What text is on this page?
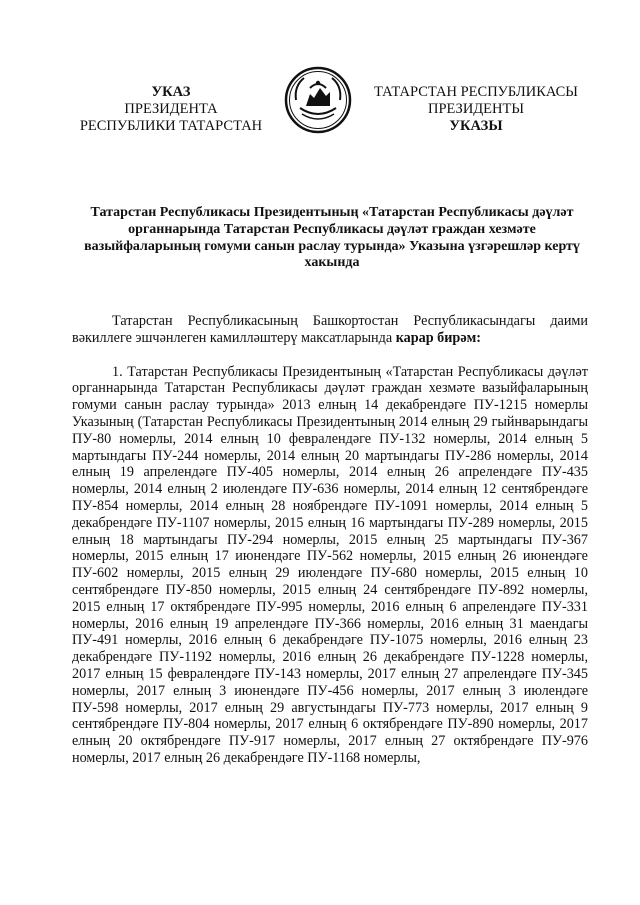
УКАЗ
ПРЕЗИДЕНТА
РЕСПУБЛИКИ ТАТАРСТАН
ТАТАРСТАН РЕСПУБЛИКАСЫ
ПРЕЗИДЕНТЫ
УКАЗЫ
Татарстан Республикасы Президентының «Татарстан Республикасы дәүләт органнарында Татарстан Республикасы дәүләт граждан хезмәте вазыйфаларының гомуми санын раслау турында» Указына үзгәрешләр кертү хакында

Татарстан Республикасының Башкортостан Республикасындагы даими вәкиллеге эшчәнлеген камилләштерү максатларында карар бирәм:

1. Татарстан Республикасы Президентының «Татарстан Республикасы дәүләт органнарында Татарстан Республикасы дәүләт граждан хезмәте вазыйфаларының гомуми санын раслау турында» 2013 елның 14 декабрендәге ПУ-1215 номерлы Указының (Татарстан Республикасы Президентының 2014 елның 29 гыйнварындагы ПУ-80 номерлы, 2014 елның 10 февралендәге ПУ-132 номерлы, 2014 елның 5 мартындагы ПУ-244 номерлы, 2014 елның 20 мартындагы ПУ-286 номерлы, 2014 елның 19 апрелендәге ПУ-405 номерлы, 2014 елның 26 апрелендәге ПУ-435 номерлы, 2014 елның 2 июлендәге ПУ-636 номерлы, 2014 елның 12 сентябрендәге ПУ-854 номерлы, 2014 елның 28 ноябрендәге ПУ-1091 номерлы, 2014 елның 5 декабрендәге ПУ-1107 номерлы, 2015 елның 16 мартындагы ПУ-289 номерлы, 2015 елның 18 мартындагы ПУ-294 номерлы, 2015 елның 25 мартындагы ПУ-367 номерлы, 2015 елның 17 июнендәге ПУ-562 номерлы, 2015 елның 26 июнендәге ПУ-602 номерлы, 2015 елның 29 июлендәге ПУ-680 номерлы, 2015 елның 10 сентябрендәге ПУ-850 номерлы, 2015 елның 24 сентябрендәге ПУ-892 номерлы, 2015 елның 17 октябрендәге ПУ-995 номерлы, 2016 елның 6 апрелендәге ПУ-331 номерлы, 2016 елның 19 апрелендәге ПУ-366 номерлы, 2016 елның 31 маендагы ПУ-491 номерлы, 2016 елның 6 декабрендәге ПУ-1075 номерлы, 2016 елның 23 декабрендәге ПУ-1192 номерлы, 2016 елның 26 декабрендәге ПУ-1228 номерлы, 2017 елның 15 февралендәге ПУ-143 номерлы, 2017 елның 27 апрелендәге ПУ-345 номерлы, 2017 елның 3 июнендәге ПУ-456 номерлы, 2017 елның 3 июлендәге ПУ-598 номерлы, 2017 елның 29 августындагы ПУ-773 номерлы, 2017 елның 9 сентябрендәге ПУ-804 номерлы, 2017 елның 6 октябрендәге ПУ-890 номерлы, 2017 елның 20 октябрендәге ПУ-917 номерлы, 2017 елның 27 октябрендәге ПУ-976 номерлы, 2017 елның 26 декабрендәге ПУ-1168 номерлы,
